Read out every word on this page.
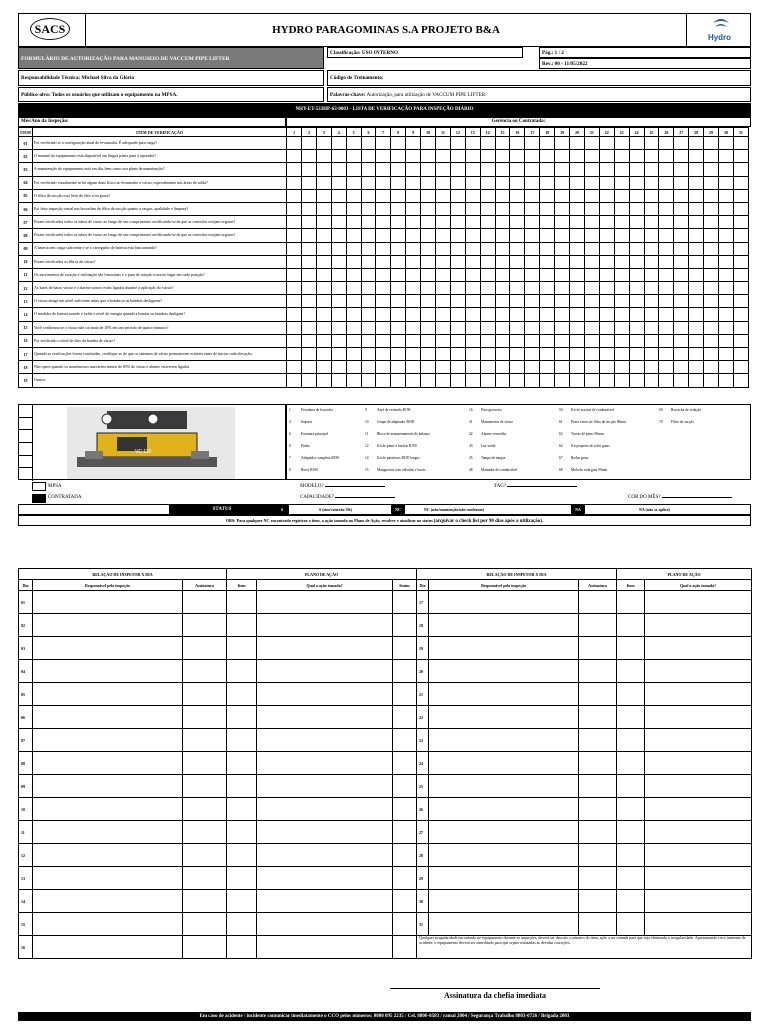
SACS	HYDRO PARAGOMINAS S.A PROJETO B&A
Hydro
FORMULÁRIO DE AUTORIZAÇÃO PARA MANUSEIO DE VACCUM PIPE LIFTER
Classificação: USO INTERNO	Pág.: 1 / 2
Rev.: 00 - 11/05/2022
Responsabilidade Técnica: Michael Silva da Glória	Código de Treinamento:
Público-alvo: Todos os usuários que utilizam o equipamento na MPSA.	Palavras-chave: Autorização, para utilização de VACCUM PIPE LIFTER.
NHY-ET-533HP-63-0003 - LISTA DE VERIFICAÇÃO PARA INSPEÇÃO DIÁRIO
Mês/Ano da Inspeção:	Gerência ou Contratada:
ITEM	ITEM DE VERIFICAÇÃO	1	2	3	4	5	6	7	8	9	10	11	12	13	14	15	16	17	18	19	20	21	22	23	24	25	26	27	28	29	30	31
01	Foi verificado se a configuração atual do levantador. É adequado para carga?																															
02	O manual do equipamento está disponível em lingua pátria para o operador?																															
03	A manutenção do equipamento está em dia, bem como seu plano de manutenção?																															
04	Foi verificado visualmente se há algum dano físico ao levantador a vácuo, especialmente nas áreas de solda?																															
05	O filtro de sucção está livre de óleo e/ou graxa?																															
06	Foi feito inspeção visual nas borrachas de filtro de sucção quanto a rasgos, qualidade e limpeza?																															
07	Foram verificados todos os tubos de vácuo ao longo de seu comprimento certificando-se de que as conexões estejam seguras?																															
08	Foram verificados todos os tubos de vácuo ao longo de seu comprimento certificando-se de que as conexões estejam seguras?																															
09	A bateria tem carga suficiente e se o carregador de bateria está funcionando?																															
10	Foram verificados os filtros de vácuo?																															
11	Os movimentos de rotação e inclinação são funcionais e o pino de rotação trava no lugar em cada posição?																															
12	As luzes de baixo vácuo e o alarme sonoro estão ligados durante a aplicação do vácuo?																															
13	O vácuo atinge um nível suficiente antes que a bomba se as bombas desliguem?																															
14	O medidor de bateria acende e exibe o nível de energia quando a bomba ou bombas desligam?																															
15	Você confirmou se o vácuo não cai mais de 10% em um período de quatro minutos?																															
16	Foi verificado o nível de óleo da bomba de vácuo?																															
17	Quando as verificações forem concluídas, certifique-se de que os sistemas de vácuo permanecem estáveis antes de iniciar cada elevação.																															
18	Não opere quando os manômetros marcarem menos de 85% de vácuo e alarme estiverem ligados																															
19	Outros:																															
VC 110
1	Ferradura de borracha
4	Suporte
6	Estrutura principal
8	Pinlas
7	Adaptador completo B190
9	Rotor B190
9	Anel de extensão B190
10 Grupo de adaptador B190
11 Bloco de armazenamento de balanço
12 Kit de pinos e buchas B190
14 Kit de parafusos B190 longos
15 Mangueiras com válvulas e lacres
16 Pino grosseiro
41 Manometros de vácuo
42 Alarme vermelho
43 Luz verde
45 Tampa de tanque
48 Manuake de combustível
50 Kit de assoras de combustível
61 Pinos extras de filtro de sucção 90mm
63 Travas de pinos 90mm
64 Kit pequeno de rolos guias
67 Rodas guias
68 Mola da roda guia 90mm
69 Borracha de vedação
70 Filtro de sucção
MPSA
CONTRATADA
MODELO?
CAPACIDADE?
TAG?
COR DO MÊS?
STATUS	S	S (sim/conexão Ok)	NC	NC (não/mantenção/não conforme)	NA	NA (não se aplica)
OBS: Para qualquer NC encontrado registrar o item, a ação tomada no Plano de Ação, resolver e atualizar no status (arquivar o check list por 90 dias após a utilização).
RELAÇÃO DE INSPETOR X DIA			PLANO DE AÇÃO			RELAÇÃO DE INSPETOR X DIA			PLANO DE AÇÃO	
Dia	Responsável pela inspeção	Assinatura	Item	Qual a ação tomada?	Status	Dia	Responsável pela inspeção	Assinatura	Item	Qual a ação tomada?
01						17				
02						18				
03						19				
04						20				
05						21				
06						22				
07						23				
08						24				
09						25				
10						26				
11						27				
12						28				
13						29				
14						30				
15						31				
16						Qualquer irregularidade encontrada no equipamento durante as inspeções, deverá ser descrito o número do item, ação a ser tomada para que seja eliminada a irregularidade. Apresentando risco iminente de acidente, o equipamento deverá ser interditado para que sejam realizadas as devidas correções.				
Assinatura da chefia imediata
Em caso de acidente / incidente comunicar imediatamente o CCO pelos números: 0800 095 2235 / Cel. 8806-0583 / ramal 2004 / Segurança Trabalho 8803-0726 / Brigada 2003
